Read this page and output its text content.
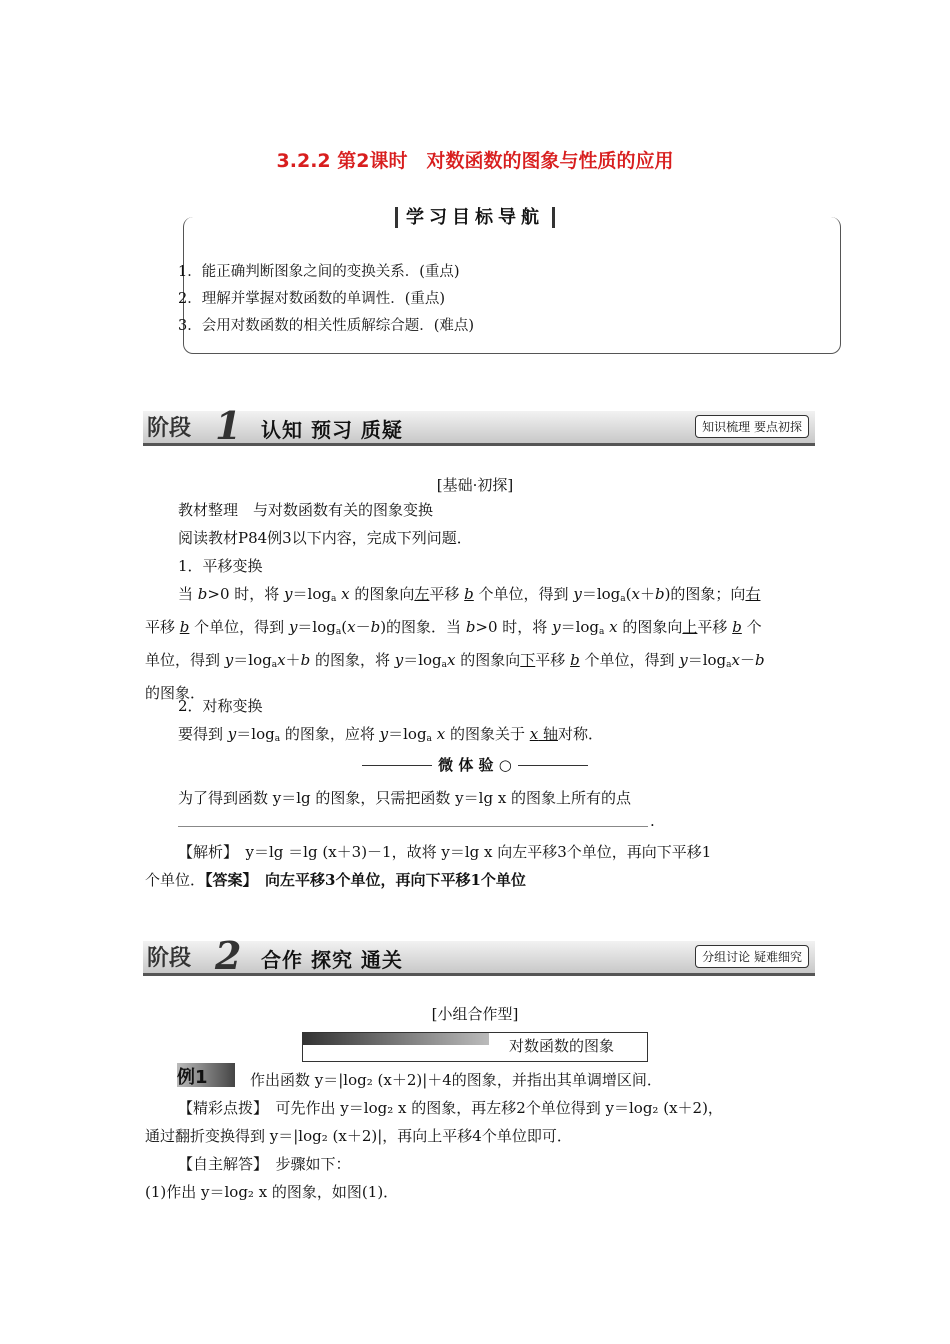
3.2.2 第2课时　对数函数的图象与性质的应用
学习目标导航
1．能正确判断图象之间的变换关系．(重点)
2．理解并掌握对数函数的单调性．(重点)
3．会用对数函数的相关性质解综合题．(难点)
阶段 1 认知 预习 质疑	知识梳理 要点初探
[基础·初探]
教材整理　与对数函数有关的图象变换
阅读教材P84例3以下内容，完成下列问题．
1．平移变换
当 b>0 时，将 $y=\log_a$ x 的图象向左平移 b 个单位，得到 $y=\log_a(x+b)$的图象；向右
平移 b 个单位，得到 $y=\log_a(x-b)$的图象．当 b>0 时，将 $y=\log_a$ x 的图象向上平移 b 个
单位，得到 $y=\log_ax+b$ 的图象，将 $y=\log_ax$ 的图象向下平移 b 个单位，得到 $y=\log_ax-b$
的图象．
2．对称变换
要得到 $y=\log_a$ 的图象，应将 $y=\log_a$ x 的图象关于 x 轴对称．
微 体 验 ○
为了得到函数 y＝lg 的图象，只需把函数 y＝lg x 的图象上所有的点
.
【解析】　 y＝lg ＝lg (x＋3)－1，故将 y＝lg x 向左平移3个单位，再向下平移1
个单位．【答案】　 向左平移3个单位，再向下平移1个单位
阶段 2 合作 探究 通关	分组讨论 疑难细究
[小组合作型]
对数函数的图象
例1	作出函数 y＝|log₂ (x＋2)|＋4的图象，并指出其单调增区间．
【精彩点拨】　 可先作出 y＝log₂ x 的图象，再左移2个单位得到 y＝log₂ (x＋2)，
通过翻折变换得到 y＝|log₂ (x＋2)|，再向上平移4个单位即可．
【自主解答】　 步骤如下：
(1)作出 y＝log₂ x 的图象，如图(1)．
